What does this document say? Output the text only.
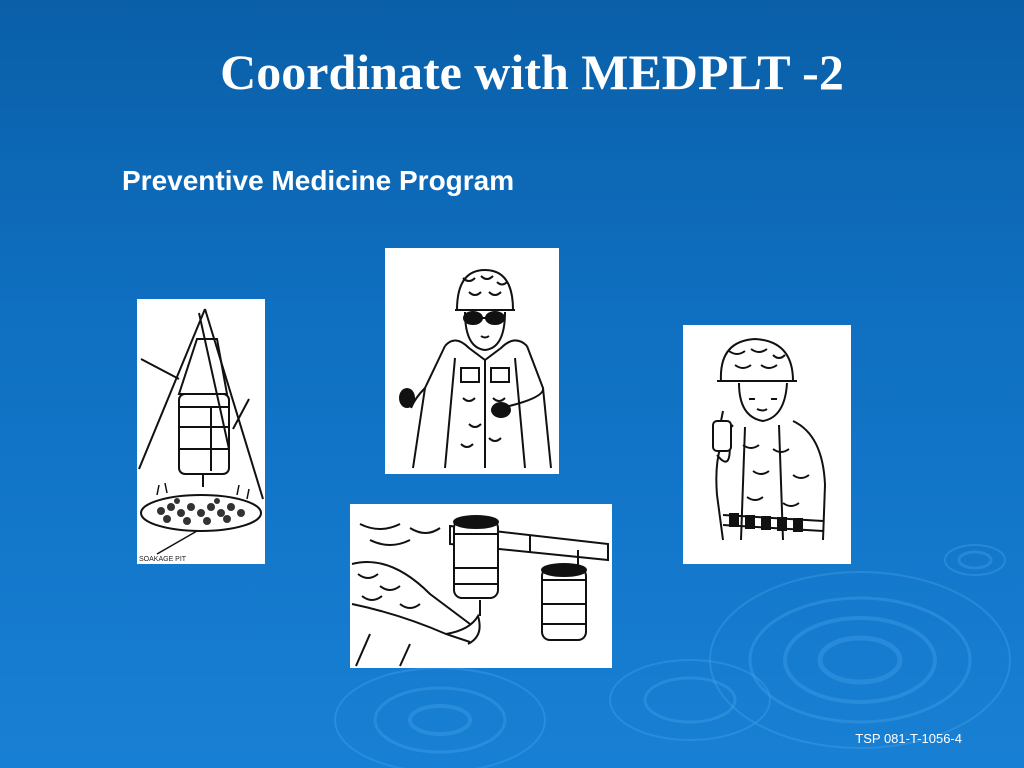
Coordinate with MEDPLT -2
Preventive Medicine Program
SOAKAGE PIT
TSP 081-T-1056-4
